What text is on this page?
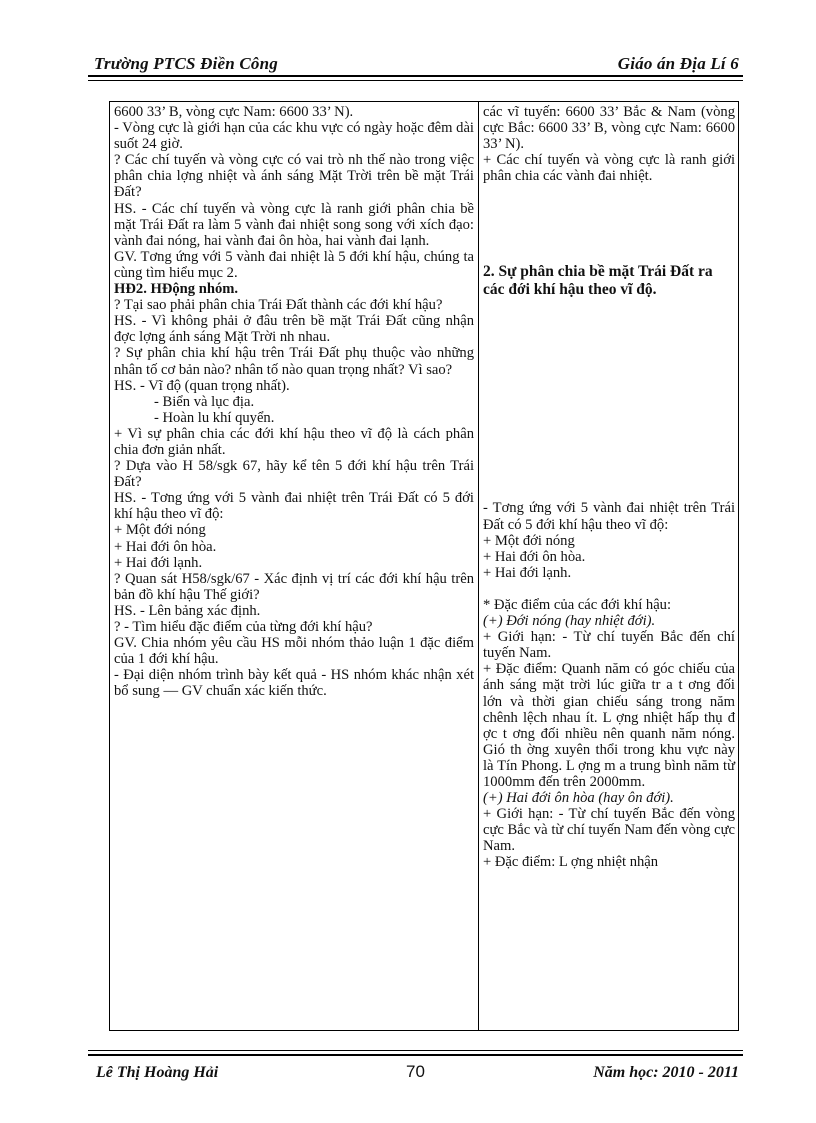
Trường PTCS Điền Công	Giáo án Địa Lí 6

6600 33’ B, vòng cực Nam: 6600 33’ N).

- Vòng cực là giới hạn của các khu vực có ngày hoặc đêm dài suốt 24 giờ.

? Các chí tuyến và vòng cực có vai trò nh thế nào trong việc phân chia lợng nhiệt và ánh sáng Mặt Trời trên bề mặt Trái Đất?

HS. - Các chí tuyến và vòng cực là ranh giới phân chia bề mặt Trái Đất ra làm 5 vành đai nhiệt song song với xích đạo: vành đai nóng, hai vành đai ôn hòa, hai vành đai lạnh.

GV. Tơng ứng với 5 vành đai nhiệt là 5 đới khí hậu, chúng ta cùng tìm hiểu mục 2.

HĐ2. HĐộng nhóm.

? Tại sao phải phân chia Trái Đất thành các đới khí hậu?

HS. - Vì không phải ở đâu trên bề mặt Trái Đất cũng nhận đợc lợng ánh sáng Mặt Trời nh nhau.

? Sự phân chia khí hậu trên Trái Đất phụ thuộc vào những nhân tố cơ bản nào? nhân tố nào quan trọng nhất? Vì sao?

HS. - Vĩ độ (quan trọng nhất).

- Biển và lục địa.

- Hoàn lu khí quyển.

+ Vì sự phân chia các đới khí hậu theo vĩ độ là cách phân chia đơn giản nhất.

? Dựa vào H 58/sgk 67, hãy kể tên 5 đới khí hậu trên Trái Đất?

HS. - Tơng ứng với 5 vành đai nhiệt trên Trái Đất có 5 đới khí hậu theo vĩ độ:

+ Một đới nóng

+ Hai đới ôn hòa.

+ Hai đới lạnh.

? Quan sát H58/sgk/67 - Xác định vị trí các đới khí hậu trên bản đồ khí hậu Thế giới?

HS. - Lên bảng xác định.

? - Tìm hiểu đặc điểm của từng đới khí hậu?

GV. Chia nhóm yêu cầu HS mỗi nhóm thảo luận 1 đặc điểm của 1 đới khí hậu.

- Đại diện nhóm trình bày kết quả - HS nhóm khác nhận xét bổ sung — GV chuẩn xác kiến thức.

các vĩ tuyến: 6600 33’ Bắc & Nam (vòng cực Bắc: 6600 33’ B, vòng cực Nam: 6600 33’ N).

+ Các chí tuyến và vòng cực là ranh giới phân chia các vành đai nhiệt.

2. Sự phân chia bề mặt Trái Đất ra các đới khí hậu theo vĩ độ.

- Tơng ứng với 5 vành đai nhiệt trên Trái Đất có 5 đới khí hậu theo vĩ độ:

+ Một đới nóng

+ Hai đới ôn hòa.

+ Hai đới lạnh.

* Đặc điểm của các đới khí hậu:

(+) Đới nóng (hay nhiệt đới).

+ Giới hạn: - Từ chí tuyến Bắc đến chí tuyến Nam.

+ Đặc điểm: Quanh năm có góc chiếu của ánh sáng mặt trời lúc giữa tr a t ơng đối lớn và thời gian chiếu sáng trong năm chênh lệch nhau ít. L ợng nhiệt hấp thụ đ ợc t ơng đối nhiều nên quanh năm nóng. Gió th ờng xuyên thổi trong khu vực này là Tín Phong. L ợng m a trung bình năm từ 1000mm đến trên 2000mm.

(+) Hai đới ôn hòa (hay ôn đới).

+ Giới hạn: - Từ chí tuyến Bắc đến vòng cực Bắc và từ chí tuyến Nam đến vòng cực Nam.

+ Đặc điểm: L ợng nhiệt nhận

Lê Thị Hoàng Hải	70	Năm học: 2010 - 2011
